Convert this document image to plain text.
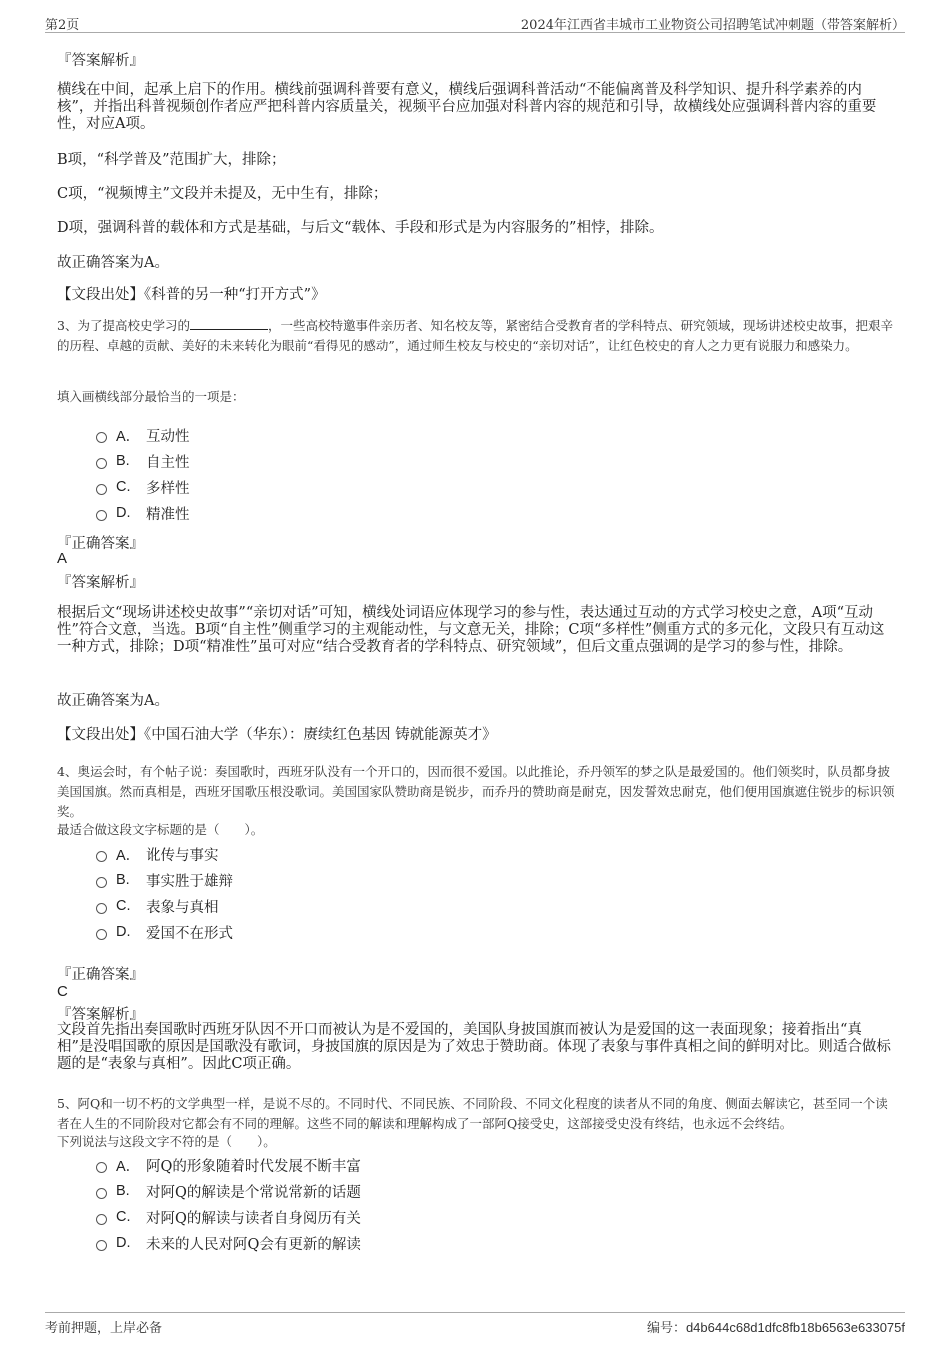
第2页	2024年江西省丰城市工业物资公司招聘笔试冲刺题（带答案解析）
『答案解析』
横线在中间，起承上启下的作用。横线前强调科普要有意义，横线后强调科普活动“不能偏离普及科学知识、提升科学素养的内核”，并指出科普视频创作者应严把科普内容质量关，视频平台应加强对科普内容的规范和引导，故横线处应强调科普内容的重要性，对应A项。
B项，“科学普及”范围扩大，排除；
C项，“视频博主”文段并未提及，无中生有，排除；
D项，强调科普的载体和方式是基础，与后文“载体、手段和形式是为内容服务的”相悖，排除。
故正确答案为A。
【文段出处】《科普的另一种“打开方式”》
3、为了提高校史学习的	，一些高校特邀事件亲历者、知名校友等，紧密结合受教育者的学科特点、研究领域，现场讲述校史故事，把艰辛的历程、卓越的贡献、美好的未来转化为眼前“看得见的感动”，通过师生校友与校史的“亲切对话”，让红色校史的育人之力更有说服力和感染力。
填入画横线部分最恰当的一项是：
A． 互动性
B.	自主性
C.	多样性
D.	精准性
『正确答案』
A
『答案解析』
根据后文“现场讲述校史故事”“亲切对话”可知，横线处词语应体现学习的参与性，表达通过互动的方式学习校史之意，A项“互动性”符合文意，当选。B项“自主性”侧重学习的主观能动性，与文意无关，排除；C项“多样性”侧重方式的多元化，文段只有互动这一种方式，排除；D项“精准性”虽可对应“结合受教育者的学科特点、研究领域”，但后文重点强调的是学习的参与性，排除。
故正确答案为A。
【文段出处】《中国石油大学（华东）：赓续红色基因 铸就能源英才》
4、奥运会时，有个帖子说：奏国歌时，西班牙队没有一个开口的，因而很不爱国。以此推论，乔丹领军的梦之队是最爱国的。他们领奖时，队员都身披美国国旗。然而真相是，西班牙国歌压根没歌词。美国国家队赞助商是锐步，而乔丹的赞助商是耐克，因发誓效忠耐克，他们便用国旗遮住锐步的标识领奖。
最适合做这段文字标题的是（　　）。
A． 讹传与事实
B.	事实胜于雄辩
C.	表象与真相
D.	爱国不在形式
『正确答案』
C
『答案解析』
文段首先指出奏国歌时西班牙队因不开口而被认为是不爱国的，美国队身披国旗而被认为是爱国的这一表面现象；接着指出“真相”是没唱国歌的原因是国歌没有歌词，身披国旗的原因是为了效忠于赞助商。体现了表象与事件真相之间的鲜明对比。则适合做标题的是“表象与真相”。因此C项正确。
5、阿Q和一切不朽的文学典型一样，是说不尽的。不同时代、不同民族、不同阶段、不同文化程度的读者从不同的角度、侧面去解读它，甚至同一个读者在人生的不同阶段对它都会有不同的理解。这些不同的解读和理解构成了一部阿Q接受史，这部接受史没有终结，也永远不会终结。
下列说法与这段文字不符的是（　　）。
A． 阿Q的形象随着时代发展不断丰富
B.	对阿Q的解读是个常说常新的话题
C.	对阿Q的解读与读者自身阅历有关
D.	未来的人民对阿Q会有更新的解读
考前押题，上岸必备	编号：d4b644c68d1dfc8fb18b6563e633075f
